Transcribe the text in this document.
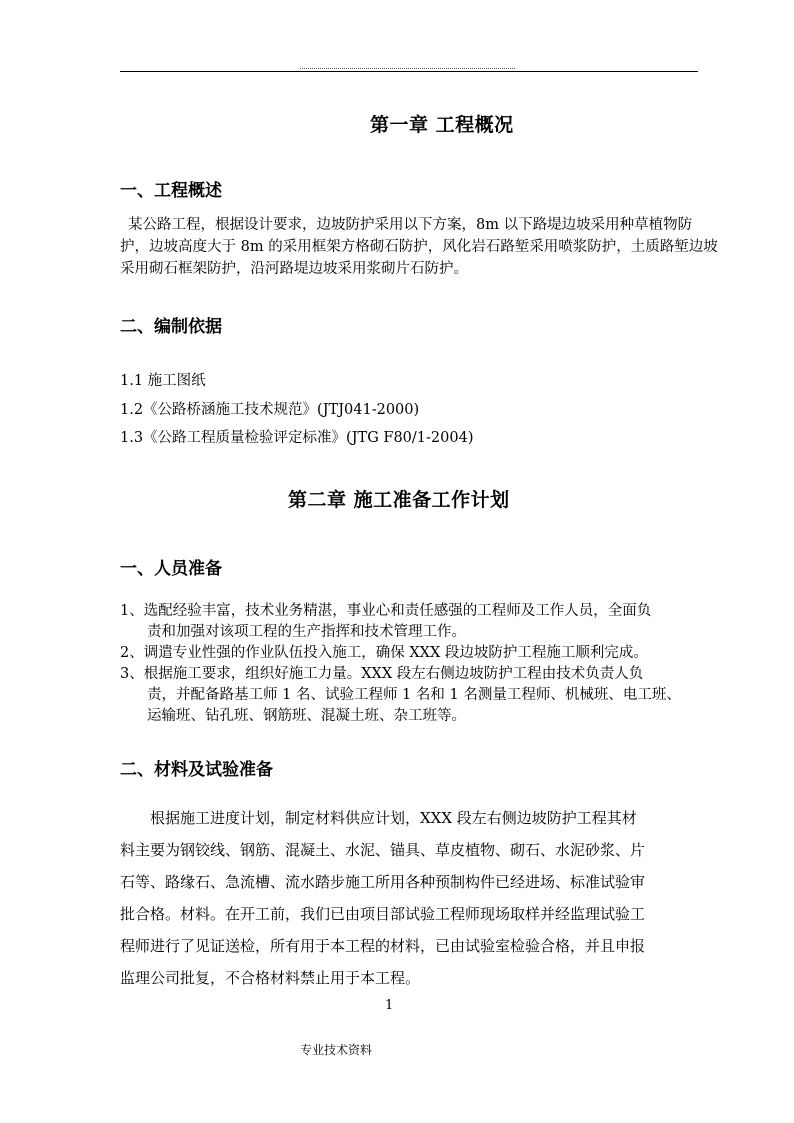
第一章 工程概况
一、工程概述
某公路工程，根据设计要求，边坡防护采用以下方案，8m 以下路堤边坡采用种草植物防
护，边坡高度大于 8m 的采用框架方格砌石防护，风化岩石路堑采用喷浆防护，土质路堑边坡
采用砌石框架防护，沿河路堤边坡采用浆砌片石防护。
二、编制依据
1.1 施工图纸
1.2《公路桥涵施工技术规范》(JTJ041-2000)
1.3《公路工程质量检验评定标准》(JTG F80/1-2004)
第二章 施工准备工作计划
一、人员准备
1、选配经验丰富，技术业务精湛，事业心和责任感强的工程师及工作人员，全面负
责和加强对该项工程的生产指挥和技术管理工作。
2、调遣专业性强的作业队伍投入施工，确保 XXX 段边坡防护工程施工顺利完成。
3、根据施工要求，组织好施工力量。XXX 段左右侧边坡防护工程由技术负责人负
责，并配备路基工师 1 名、试验工程师 1 名和 1 名测量工程师、机械班、电工班、
运输班、钻孔班、钢筋班、混凝土班、杂工班等。
二、材料及试验准备
根据施工进度计划，制定材料供应计划，XXX 段左右侧边坡防护工程其材
料主要为钢铰线、钢筋、混凝土、水泥、锚具、草皮植物、砌石、水泥砂浆、片
石等、路缘石、急流槽、流水踏步施工所用各种预制构件已经进场、标准试验审
批合格。材料。在开工前，我们已由项目部试验工程师现场取样并经监理试验工
程师进行了见证送检，所有用于本工程的材料，已由试验室检验合格，并且申报
监理公司批复，不合格材料禁止用于本工程。
1
专业技术资料
